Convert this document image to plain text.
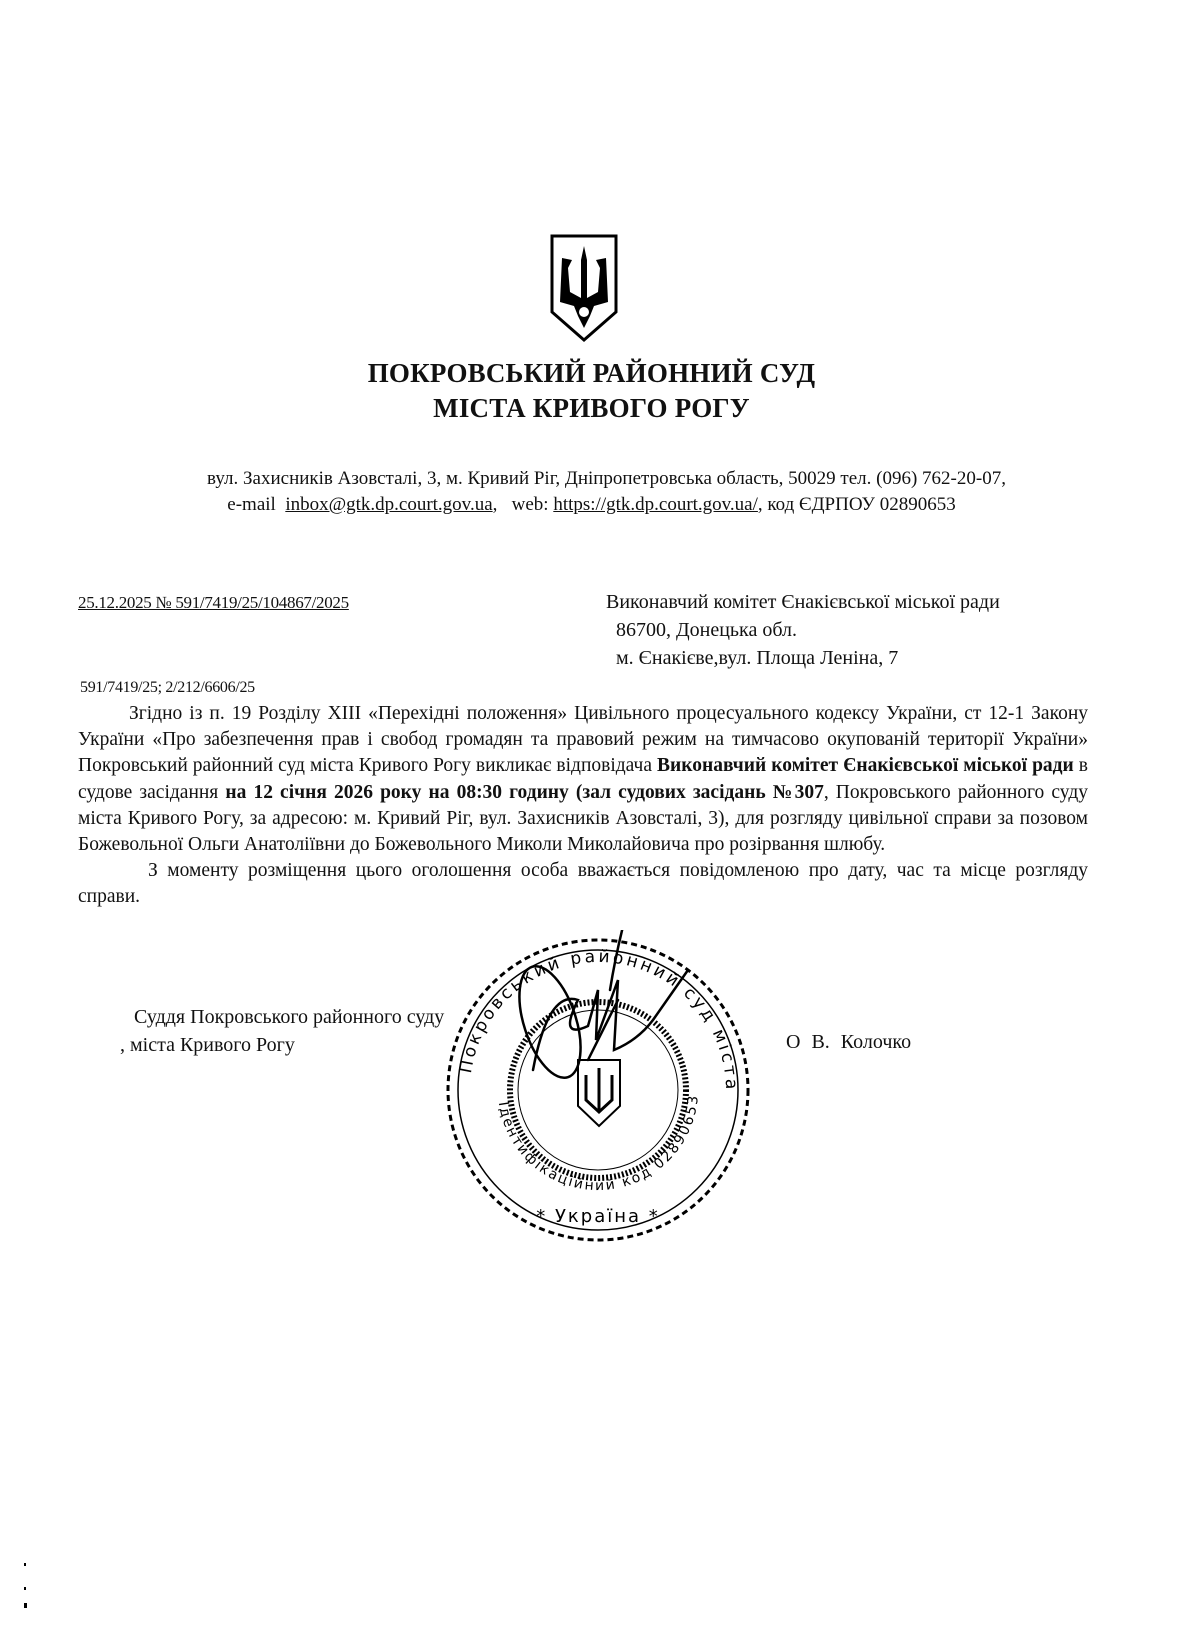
ПОКРОВСЬКИЙ РАЙОННИЙ СУД
МІСТА КРИВОГО РОГУ
вул. Захисників Азовсталі, 3, м. Кривий Ріг, Дніпропетровська область, 50029 тел. (096) 762-20-07,
e-mail inbox@gtk.dp.court.gov.ua,   web: https://gtk.dp.court.gov.ua/, код ЄДРПОУ 02890653
25.12.2025 № 591/7419/25/104867/2025	Виконавчий комітет Єнакієвської міської ради
86700, Донецька обл.
м. Єнакієве,вул. Площа Леніна, 7
591/7419/25; 2/212/6606/25

Згідно із п. 19 Розділу XIII «Перехідні положення» Цивільного процесуального кодексу України, ст 12-1 Закону України «Про забезпечення прав і свобод громадян та правовий режим на тимчасово окупованій території України» Покровський районний суд міста Кривого Рогу викликає відповідача Виконавчий комітет Єнакієвської міської ради в судове засідання на 12 січня 2026 року на 08:30 годину (зал судових засідань №307, Покровського районного суду міста Кривого Рогу, за адресою: м. Кривий Ріг, вул. Захисників Азовсталі, 3), для розгляду цивільної справи за позовом Божевольної Ольги Анатоліївни до Божевольного Миколи Миколайовича про розірвання шлюбу.

З моменту розміщення цього оголошення особа вважається повідомленою про дату, час та місце розгляду справи.

Суддя Покровського районного суду
, міста Кривого Рогу	О В. Колочко
Покровський районний суд міста
Ідентифікаційний код 02890653
* Україна *
